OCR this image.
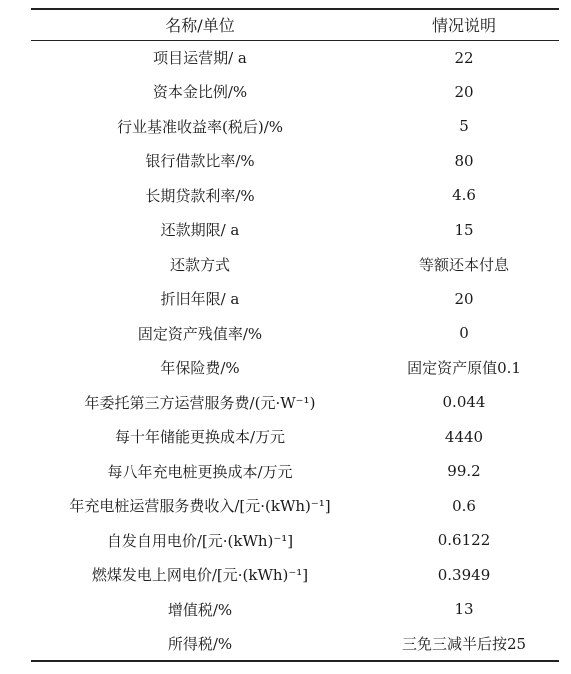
名称/单位	情况说明
项目运营期/ a	22
资本金比例/%	20
行业基准收益率(税后)/%	5
银行借款比率/%	80
长期贷款利率/%	4.6
还款期限/ a	15
还款方式	等额还本付息
折旧年限/ a	20
固定资产残值率/%	0
年保险费/%	固定资产原值0.1
年委托第三方运营服务费/(元·W⁻¹)	0.044
每十年储能更换成本/万元	4440
每八年充电桩更换成本/万元	99.2
年充电桩运营服务费收入/[元·(kWh)⁻¹]	0.6
自发自用电价/[元·(kWh)⁻¹]	0.6122
燃煤发电上网电价/[元·(kWh)⁻¹]	0.3949
增值税/%	13
所得税/%	三免三减半后按25
